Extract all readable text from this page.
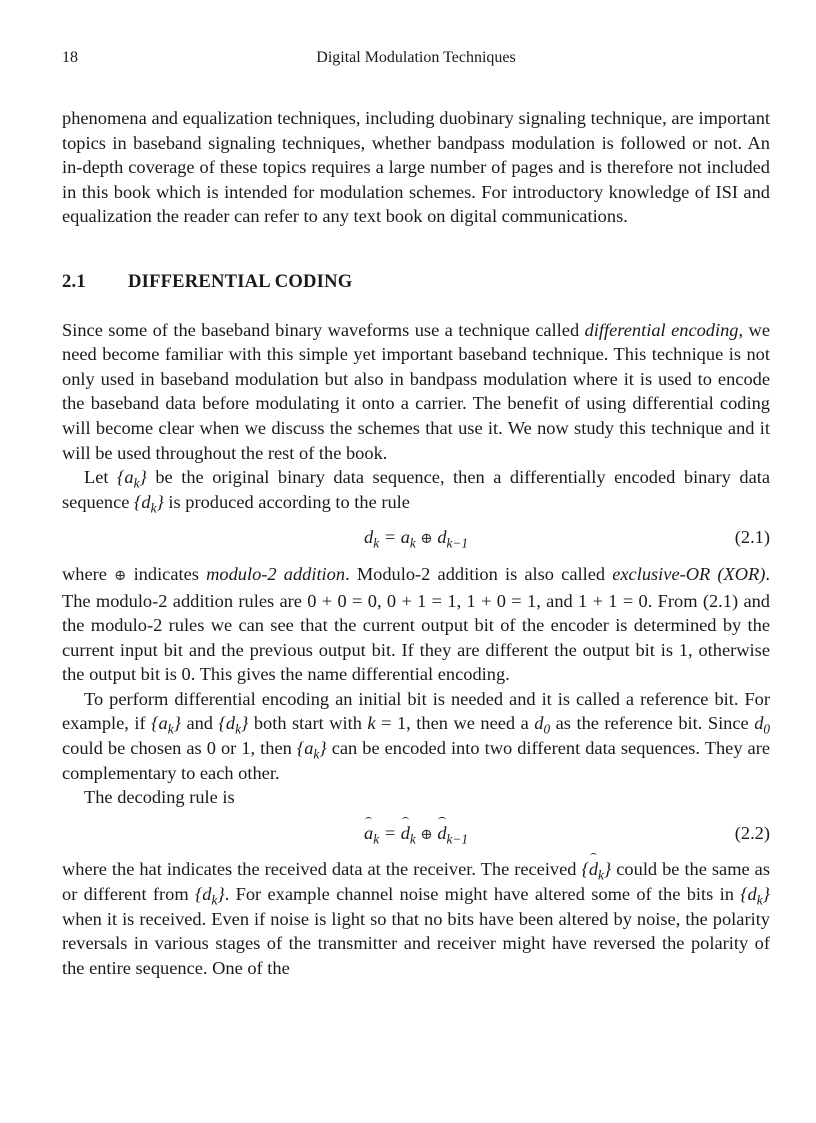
18	Digital Modulation Techniques

phenomena and equalization techniques, including duobinary signaling technique, are important topics in baseband signaling techniques, whether bandpass modulation is followed or not. An in-depth coverage of these topics requires a large number of pages and is therefore not included in this book which is intended for modulation schemes. For introductory knowledge of ISI and equalization the reader can refer to any text book on digital communications.

2.1 DIFFERENTIAL CODING

Since some of the baseband binary waveforms use a technique called differential encoding, we need become familiar with this simple yet important baseband technique. This technique is not only used in baseband modulation but also in bandpass modulation where it is used to encode the baseband data before modulating it onto a carrier. The benefit of using differential coding will become clear when we discuss the schemes that use it. We now study this technique and it will be used throughout the rest of the book.

Let $\{a_k\}$ be the original binary data sequence, then a differentially encoded binary data sequence $\{d_k\}$ is produced according to the rule

$d_k = a_k$ ⊕ $d_{k-1}$	(2.1)

where ⊕ indicates modulo-2 addition. Modulo-2 addition is also called exclusive-OR (XOR). The modulo-2 addition rules are 0 + 0 = 0, 0 + 1 = 1, 1 + 0 = 1, and 1 + 1 = 0. From (2.1) and the modulo-2 rules we can see that the current output bit of the encoder is determined by the current input bit and the previous output bit. If they are different the output bit is 1, otherwise the output bit is 0. This gives the name differential encoding.

To perform differential encoding an initial bit is needed and it is called a reference bit. For example, if $\{a_k\}$ and $\{d_k\}$ both start with k = 1, then we need a $d_0$ as the reference bit. Since $d_0$ could be chosen as 0 or 1, then $\{a_k\}$ can be encoded into two different data sequences. They are complementary to each other.

The decoding rule is

$a_k = d_k$ ⊕ $d_{k-1}$	(2.2)

where the hat indicates the received data at the receiver. The received $\{d_k\}$ could be the same as or different from $\{d_k\}$. For example channel noise might have altered some of the bits in $\{d_k\}$ when it is received. Even if noise is light so that no bits have been altered by noise, the polarity reversals in various stages of the transmitter and receiver might have reversed the polarity of the entire sequence. One of the
